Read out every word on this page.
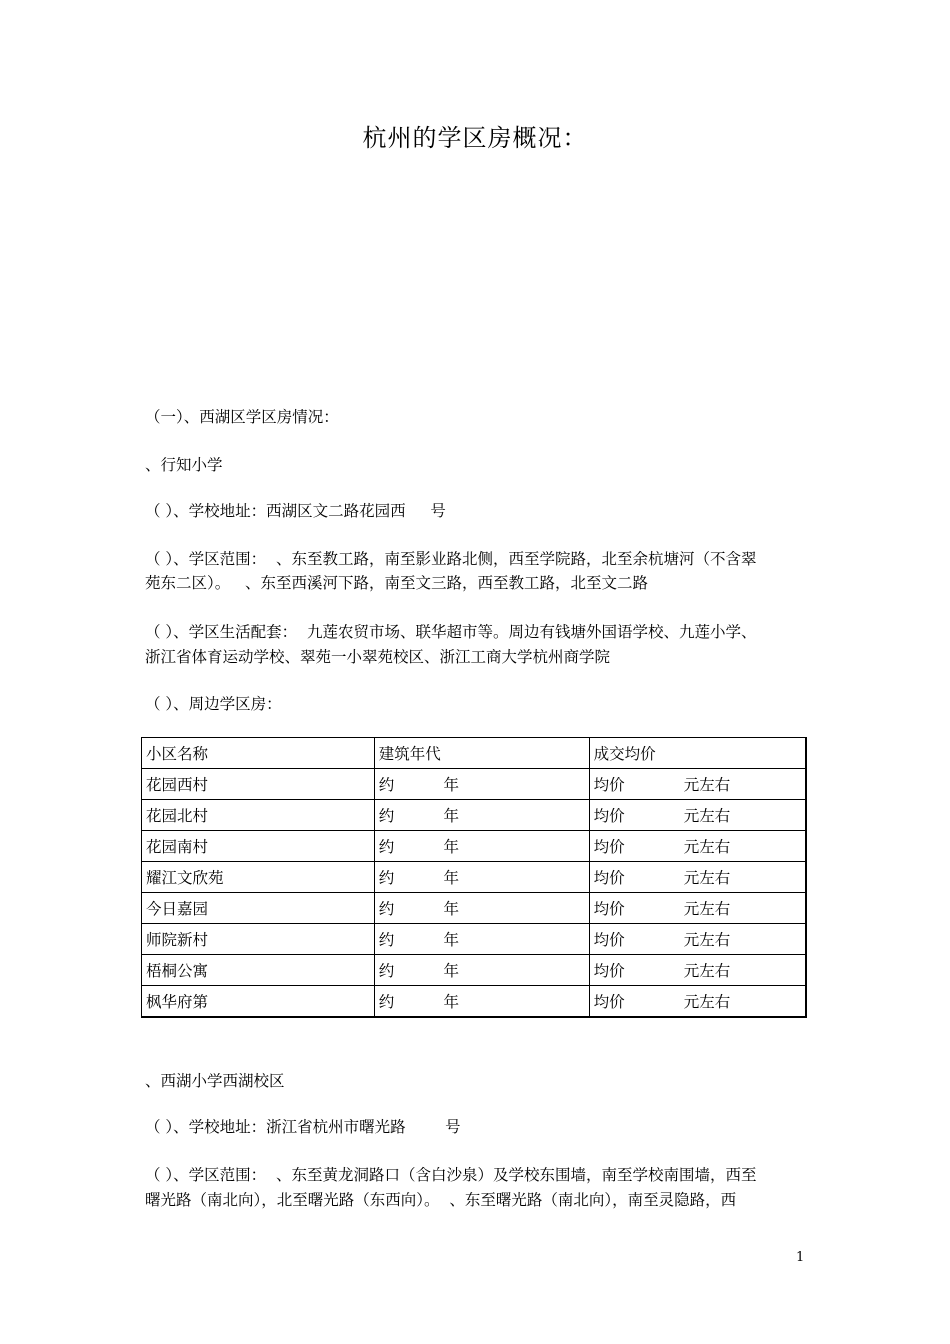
杭州的学区房概况：
（一）、西湖区学区房情况：
、行知小学
（ ）、学校地址：西湖区文二路花园西     号
（ ）、学区范围：  、东至教工路，南至影业路北侧，西至学院路，北至余杭塘河（不含翠
苑东二区）。   、东至西溪河下路，南至文三路，西至教工路，北至文二路
（ ）、学区生活配套：  九莲农贸市场、联华超市等。周边有钱塘外国语学校、九莲小学、
浙江省体育运动学校、翠苑一小翠苑校区、浙江工商大学杭州商学院
（ ）、周边学区房：
小区名称	建筑年代	成交均价
花园西村	约          年	均价            元左右
花园北村	约          年	均价            元左右
花园南村	约          年	均价            元左右
耀江文欣苑	约          年	均价            元左右
今日嘉园	约          年	均价            元左右
师院新村	约          年	均价            元左右
梧桐公寓	约          年	均价            元左右
枫华府第	约          年	均价            元左右
、西湖小学西湖校区
（ ）、学校地址：浙江省杭州市曙光路        号
（ ）、学区范围：  、东至黄龙洞路口（含白沙泉）及学校东围墙，南至学校南围墙，西至
曙光路（南北向），北至曙光路（东西向）。  、东至曙光路（南北向），南至灵隐路，西
1
